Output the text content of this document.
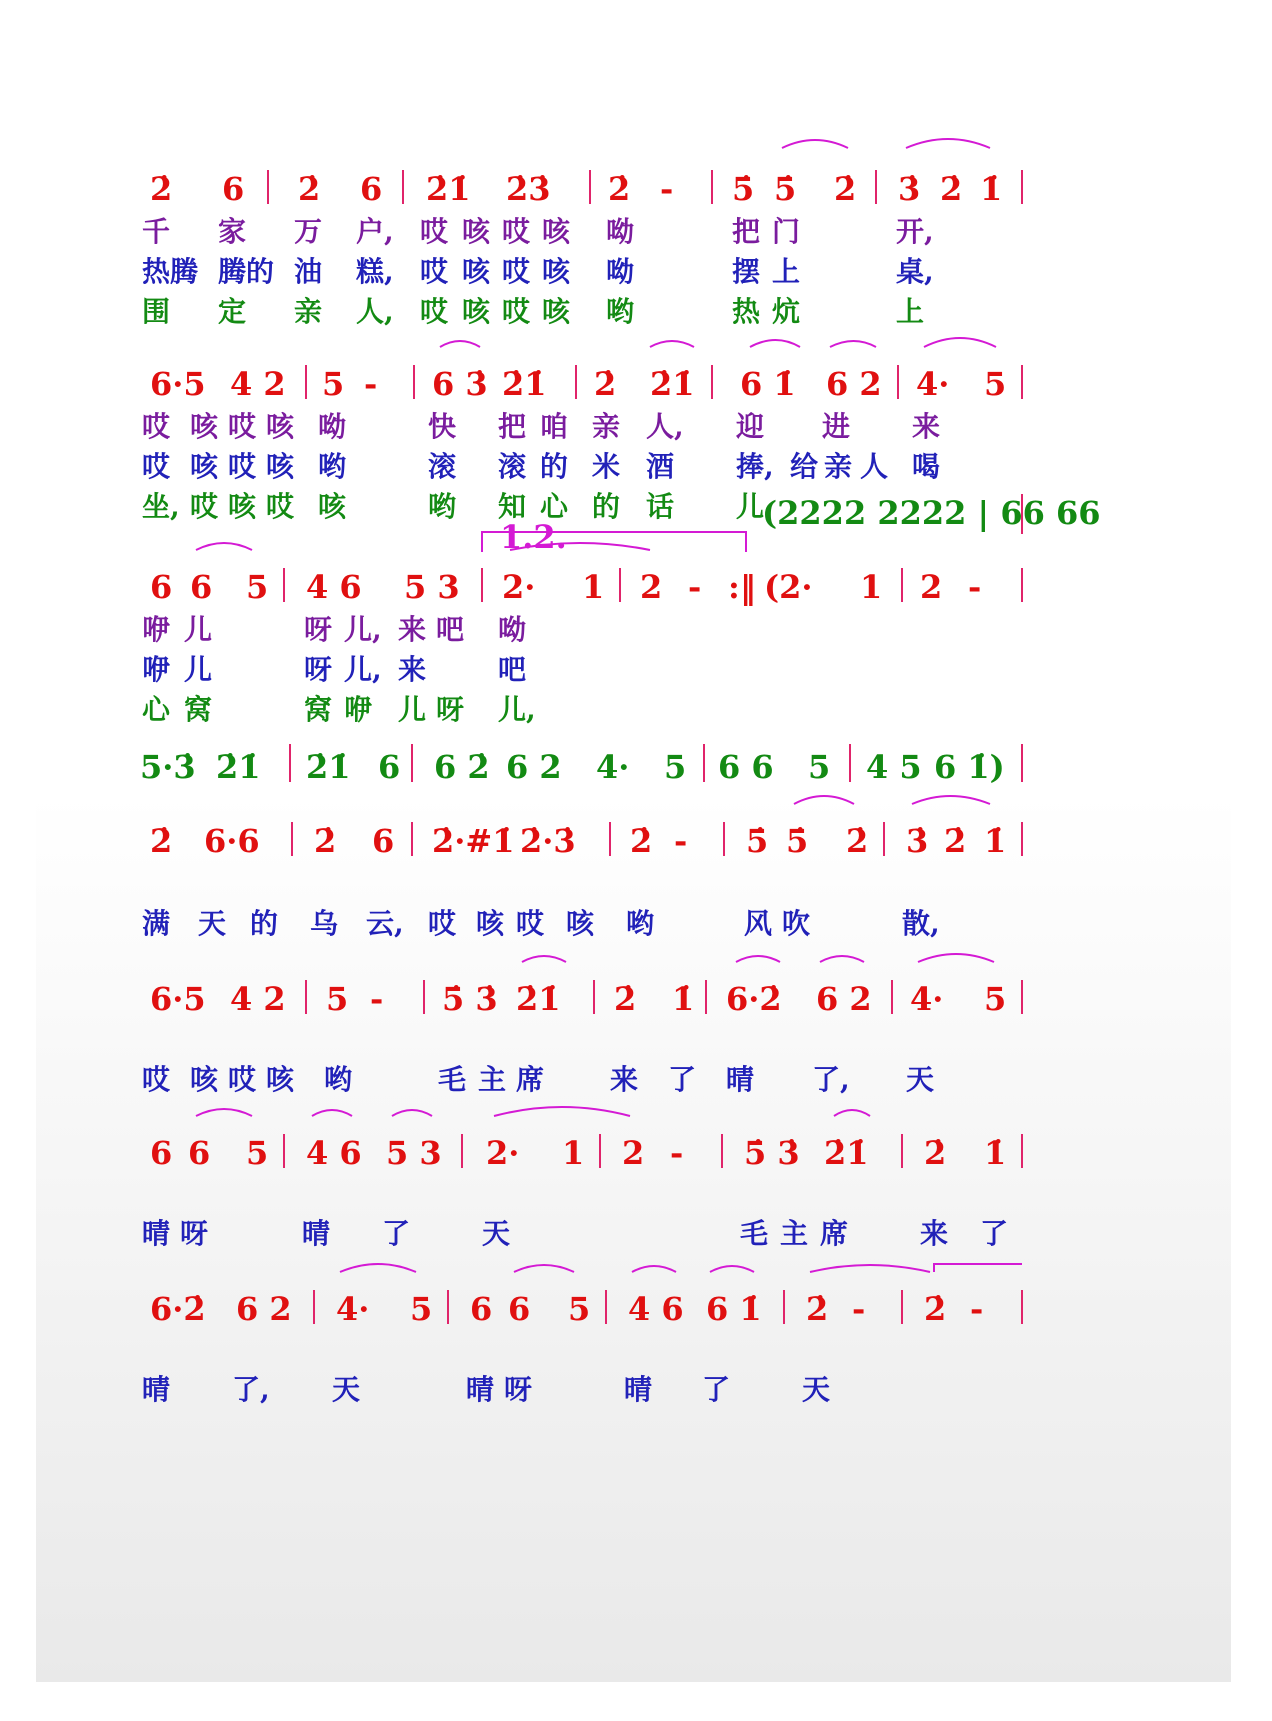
2̇ 6 2̇ 6 2̇1̇ 2̇3̇ 2̇ - 5̇ 5̇ 2̇ 3̇ 2̇ 1̇
千 家 万 户, 哎 咳 哎 咳 呦	把 门	开,
热腾 腾的 油 糕, 哎 咳 哎 咳 呦	摆 上	桌,
围 定 亲 人, 哎 咳 哎 咳 哟	热 炕	上
6·5 4 2 5 - 6 3̇ 2̇1̇ 2̇ 2̇1̇ 6 1̇ 6 2 4· 5
哎 咳 哎 咳 呦	快 把 咱 亲 人, 迎 进 来
哎 咳 哎 咳 哟	滚 滚 的 米 酒 捧, 给 亲 人 喝
坐, 哎 咳 哎 咳	哟 知 心 的 话 儿
(2222 2222 | 66 66
6 6 5 4 6 5 3 2· 1 2 - :‖ (2· 1 2 -
1.2.
咿 儿	呀 儿, 来 吧 呦
咿 儿	呀 儿, 来	吧
心 窝	窝 咿 儿 呀 儿,
5·3̇ 2̇1̇ 2̇1̇ 6 6 2̇ 6 2 4· 5 6 6 5 4 5 6 1̇)
2̇ 6·6 2̇ 6 2̇·#1̇ 2̇·3̇ 2̇ - 5̇ 5̇ 2̇ 3̇ 2̇ 1̇
满 天 的 乌 云, 哎 咳 哎 咳 哟	风 吹	散,
6·5 4 2 5 - 5̇ 3̇ 2̇1̇ 2̇ 1̇ 6·2̇ 6 2 4· 5
哎 咳 哎 咳 哟	毛 主 席 来 了 晴 了, 天
6 6 5 4 6 5 3 2· 1 2 - 5̇ 3̇ 2̇1̇ 2̇ 1̇
晴 呀	晴 了	天	毛 主 席	来 了
6·2̇ 6 2 4· 5 6 6 5 4 6 6 1̇ 2̇ - 2̇ -
晴 了, 天	晴 呀	晴 了	天
